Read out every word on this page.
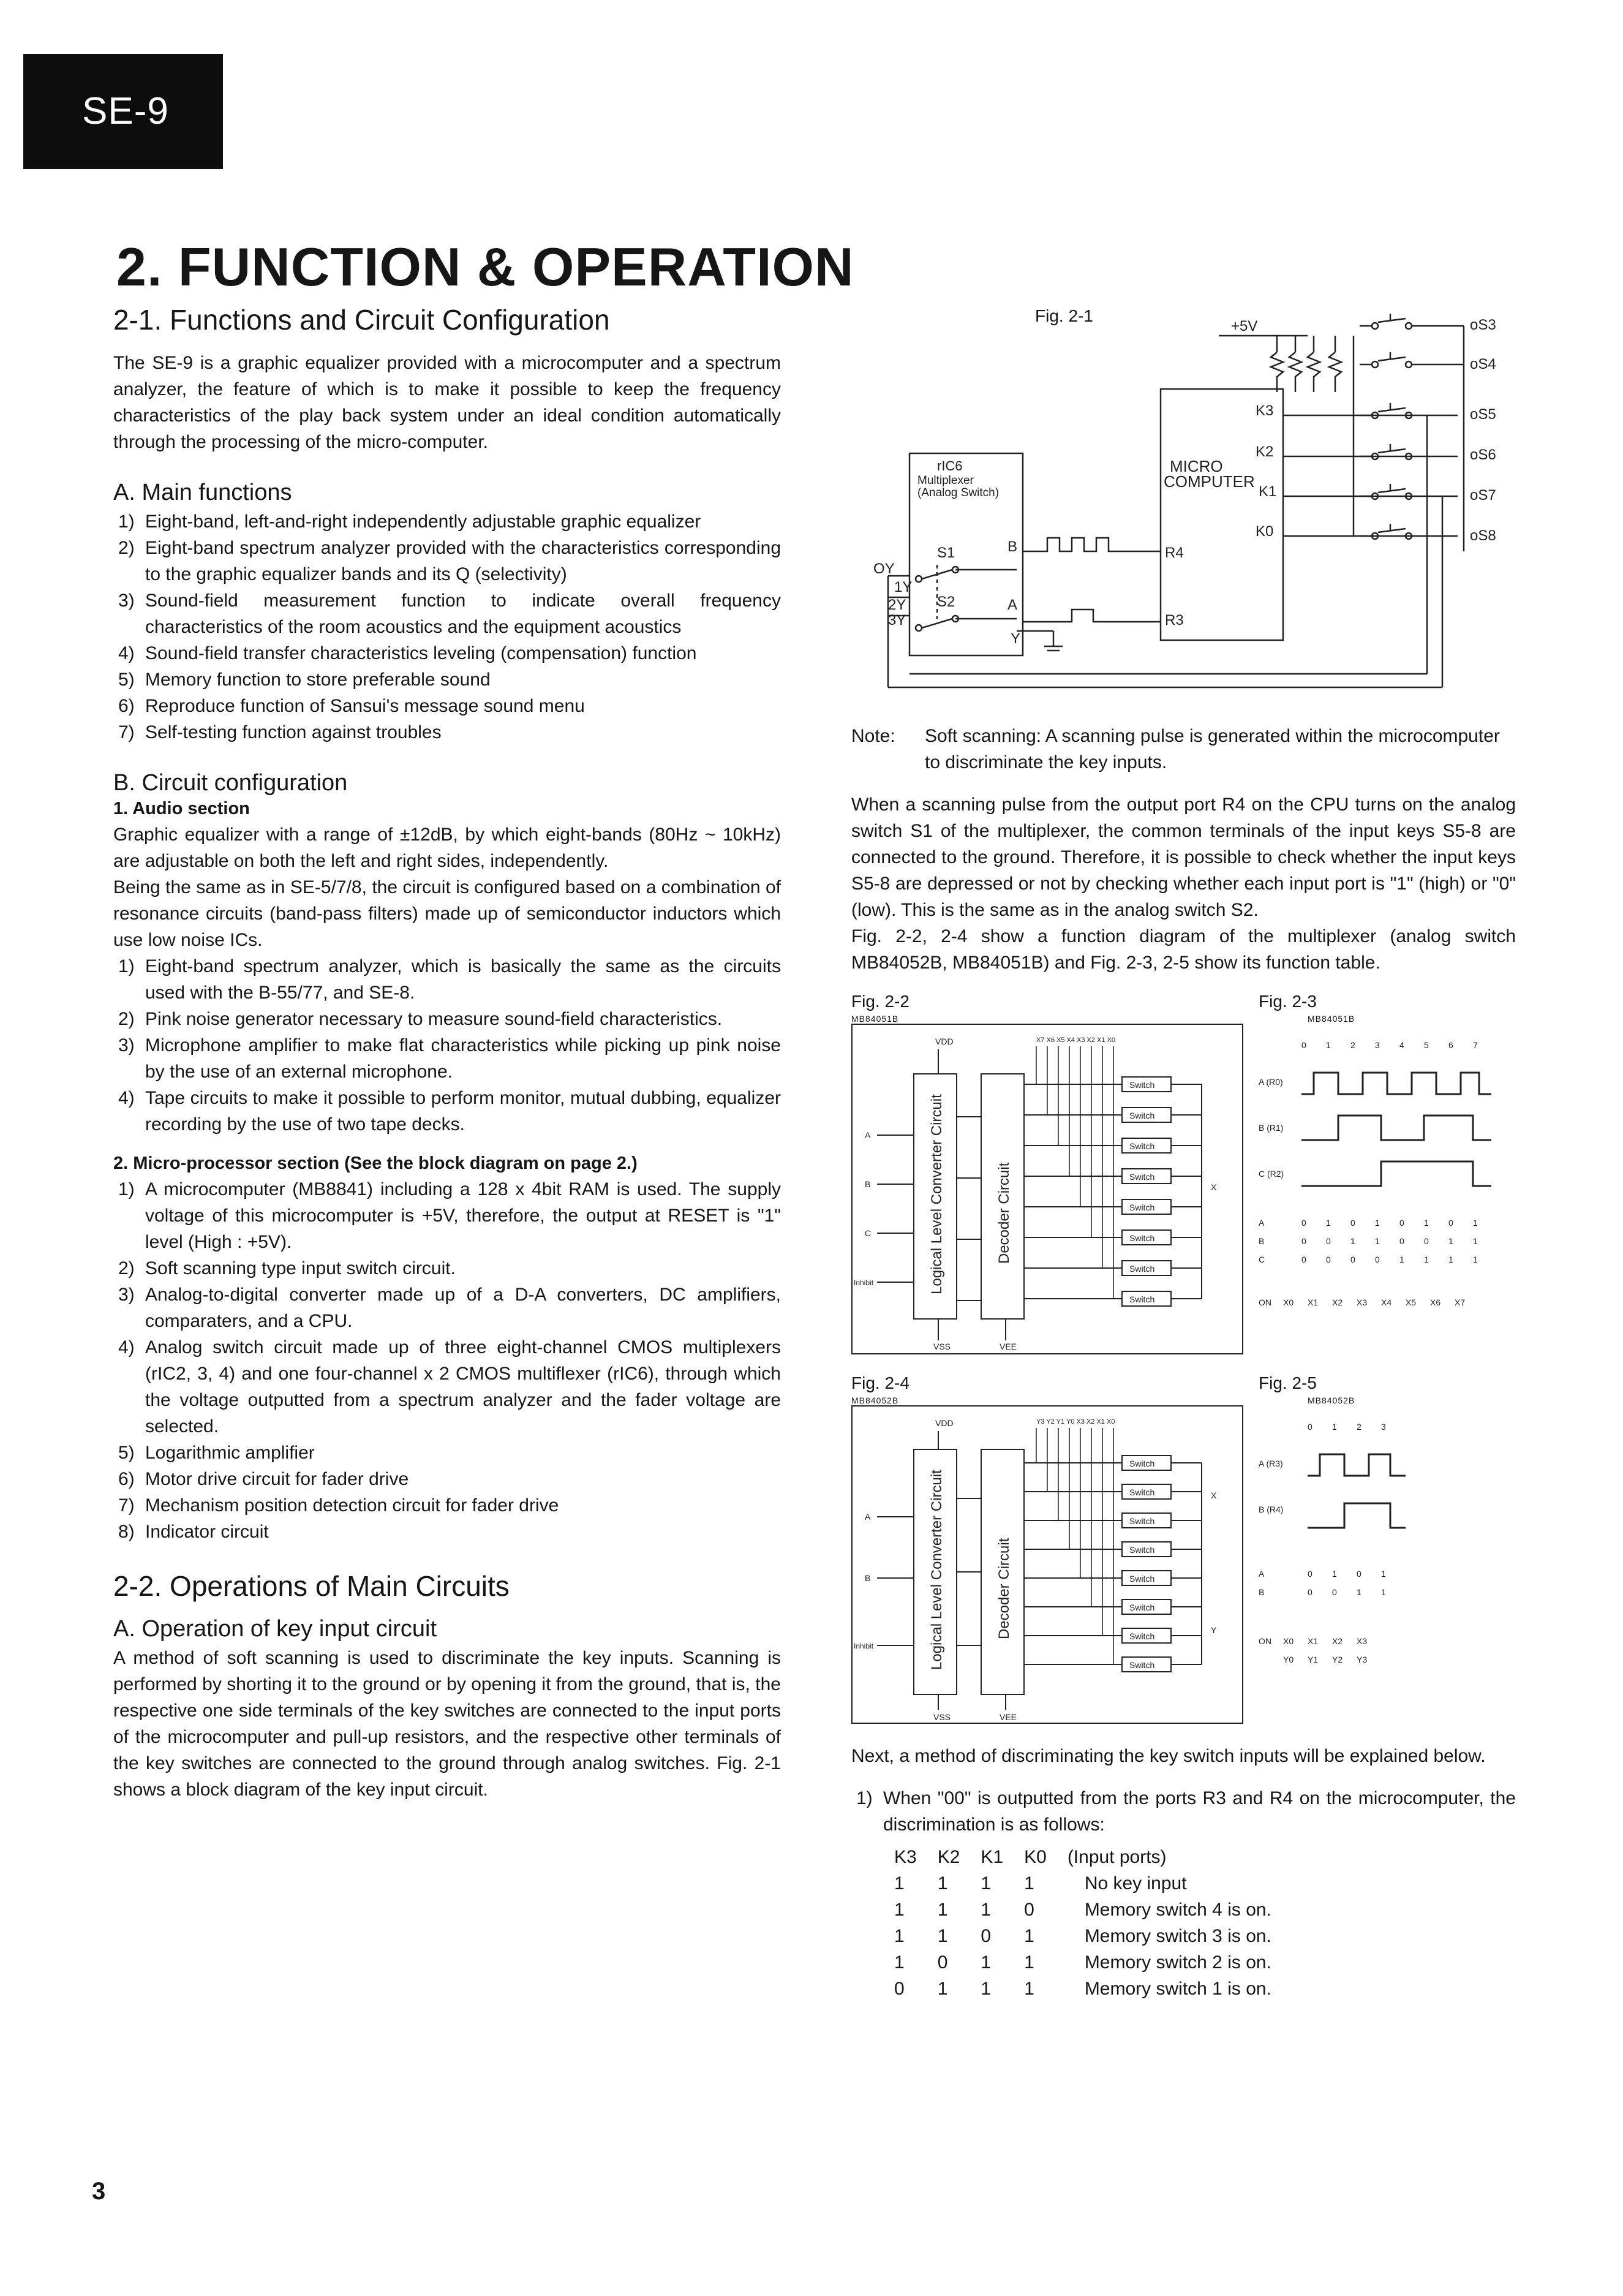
SE-9
2. FUNCTION & OPERATION
2-1. Functions and Circuit Configuration

The SE-9 is a graphic equalizer provided with a microcomputer and a spectrum analyzer, the feature of which is to make it possible to keep the frequency characteristics of the play back system under an ideal condition automatically through the processing of the micro-computer.

A. Main functions
1) Eight-band, left-and-right independently adjustable graphic equalizer
2) Eight-band spectrum analyzer provided with the characteristics corresponding to the graphic equalizer bands and its Q (selectivity)
3) Sound-field measurement function to indicate overall frequency characteristics of the room acoustics and the equipment acoustics
4) Sound-field transfer characteristics leveling (compensation) function
5) Memory function to store preferable sound
6) Reproduce function of Sansui's message sound menu
7) Self-testing function against troubles
B. Circuit configuration
1. Audio section

Graphic equalizer with a range of ±12dB, by which eight-bands (80Hz ~ 10kHz) are adjustable on both the left and right sides, independently.

Being the same as in SE-5/7/8, the circuit is configured based on a combination of resonance circuits (band-pass filters) made up of semiconductor inductors which use low noise ICs.

1) Eight-band spectrum analyzer, which is basically the same as the circuits used with the B-55/77, and SE-8.
2) Pink noise generator necessary to measure sound-field characteristics.
3) Microphone amplifier to make flat characteristics while picking up pink noise by the use of an external microphone.
4) Tape circuits to make it possible to perform monitor, mutual dubbing, equalizer recording by the use of two tape decks.
2. Micro-processor section (See the block diagram on page 2.)
1) A microcomputer (MB8841) including a 128 x 4bit RAM is used. The supply voltage of this microcomputer is +5V, therefore, the output at RESET is "1" level (High : +5V).
2) Soft scanning type input switch circuit.
3) Analog-to-digital converter made up of a D-A converters, DC amplifiers, comparaters, and a CPU.
4) Analog switch circuit made up of three eight-channel CMOS multiplexers (rIC2, 3, 4) and one four-channel x 2 CMOS multiflexer (rIC6), through which the voltage outputted from a spectrum analyzer and the fader voltage are selected.
5) Logarithmic amplifier
6) Motor drive circuit for fader drive
7) Mechanism position detection circuit for fader drive
8) Indicator circuit
2-2. Operations of Main Circuits
A. Operation of key input circuit

A method of soft scanning is used to discriminate the key inputs. Scanning is performed by shorting it to the ground or by opening it from the ground, that is, the respective one side terminals of the key switches are connected to the input ports of the microcomputer and pull-up resistors, and the respective other terminals of the key switches are connected to the ground through analog switches. Fig. 2-1 shows a block diagram of the key input circuit.

Fig. 2-1
+5V
rIC6
Multiplexer
(Analog Switch)
MICRO
COMPUTER
K3
K2
K1
K0
R4
R3
oS3
oS4
oS5
oS6
oS7
oS8
OY
1Y
2Y
3Y
S1
S2
B
A
Y
Note:	Soft scanning: A scanning pulse is generated within the microcomputer to discriminate the key inputs.

When a scanning pulse from the output port R4 on the CPU turns on the analog switch S1 of the multiplexer, the common terminals of the input keys S5-8 are connected to the ground. Therefore, it is possible to check whether the input keys S5-8 are depressed or not by checking whether each input port is "1" (high) or "0" (low). This is the same as in the analog switch S2.

Fig. 2-2, 2-4 show a function diagram of the multiplexer (analog switch MB84052B, MB84051B) and Fig. 2-3, 2-5 show its function table.

Fig. 2-2
MB84051B
Switch
Switch
Switch
Switch
Switch
Switch
Switch
Switch
VDD
VSS	VEE
A
B
C
Inhibit
X
X7 X6 X5 X4 X3 X2 X1 X0
Logical Level Converter Circuit	Decoder Circuit
Fig. 2-3
MB84051B
0 1 2 3 4 5 6 7
A (R0)
B (R1)
C (R2)
A	0 1 0 1 0 1 0 1
B	0 0 1 1 0 0 1 1
C	0 0 0 0 1 1 1 1
ON X0 X1 X2 X3 X4 X5 X6 X7
Fig. 2-4
MB84052B
Switch
Switch
Switch
Switch
Switch
Switch
Switch
Switch
VDD
VSS	VEE
A
B
Inhibit
X
Y
Y3 Y2 Y1 Y0 X3 X2 X1 X0
Logical Level Converter Circuit	Decoder Circuit
Fig. 2-5
MB84052B
0 1 2 3
A (R3)
B (R4)
A	0 1 0 1
B	0 0 1 1
ON X0 X1 X2 X3
Y0 Y1 Y2 Y3

Next, a method of discriminating the key switch inputs will be explained below.

1) When "00" is outputted from the ports R3 and R4 on the microcomputer, the discrimination is as follows:
K3	K2	K1	K0	(Input ports)
1	1	1	1	No key input
1	1	1	0	Memory switch 4 is on.
1	1	0	1	Memory switch 3 is on.
1	0	1	1	Memory switch 2 is on.
0	1	1	1	Memory switch 1 is on.
3
